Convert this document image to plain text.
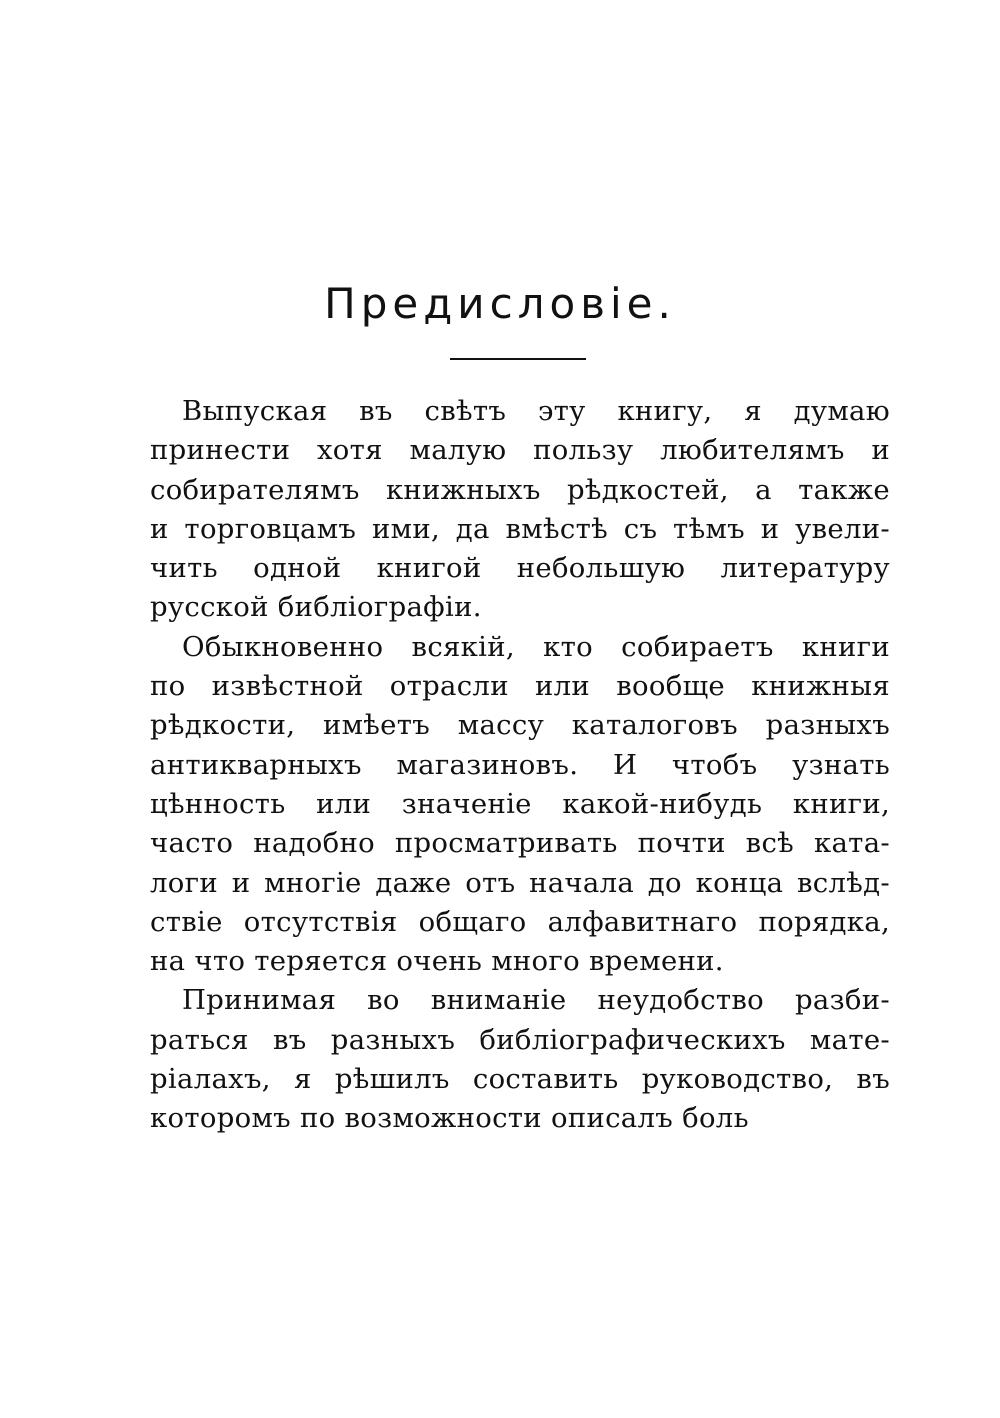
Предисловіе.
Выпуская въ свѣтъ эту книгу, я думаю
принести хотя малую пользу любителямъ и
собирателямъ книжныхъ рѣдкостей, а также
и торговцамъ ими, да вмѣстѣ съ тѣмъ и увели-
чить одной книгой небольшую литературу
русской библіографіи.
Обыкновенно всякій, кто собираетъ книги
по извѣстной отрасли или вообще книжныя
рѣдкости, имѣетъ массу каталоговъ разныхъ
антикварныхъ магазиновъ. И чтобъ узнать
цѣнность или значеніе какой-нибудь книги,
часто надобно просматривать почти всѣ ката-
логи и многіе даже отъ начала до конца вслѣд-
ствіе отсутствія общаго алфавитнаго порядка,
на что теряется очень много времени.
Принимая во вниманіе неудобство разби-
раться въ разныхъ библіографическихъ мате-
ріалахъ, я рѣшилъ составить руководство, въ
которомъ по возможности описалъ боль
